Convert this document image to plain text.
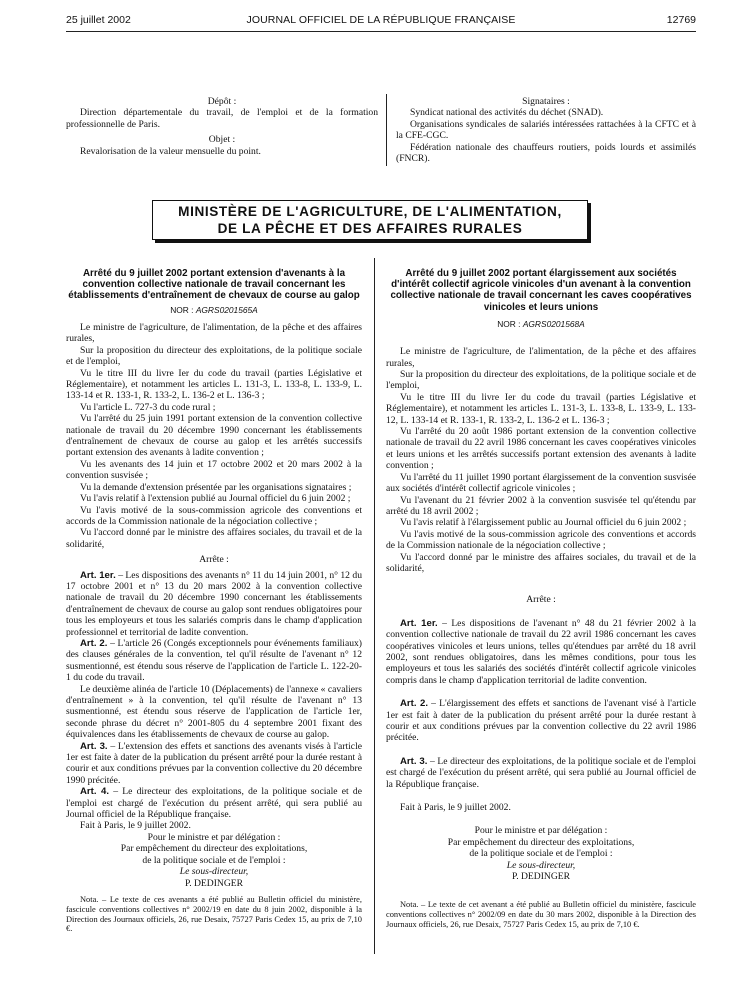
25 juillet 2002	JOURNAL OFFICIEL DE LA RÉPUBLIQUE FRANÇAISE	12769

Dépôt :

Direction départementale du travail, de l'emploi et de la formation professionnelle de Paris.

Objet :

Revalorisation de la valeur mensuelle du point.

Signataires :

Syndicat national des activités du déchet (SNAD).

Organisations syndicales de salariés intéressées rattachées à la CFTC et à la CFE-CGC.

Fédération nationale des chauffeurs routiers, poids lourds et assimilés (FNCR).

MINISTÈRE DE L'AGRICULTURE, DE L'ALIMENTATION,
DE LA PÊCHE ET DES AFFAIRES RURALES

Arrêté du 9 juillet 2002 portant extension d'avenants à la convention collective nationale de travail concernant les établissements d'entraînement de chevaux de course au galop

NOR : AGRS0201565A

Le ministre de l'agriculture, de l'alimentation, de la pêche et des affaires rurales,

Sur la proposition du directeur des exploitations, de la politique sociale et de l'emploi,

Vu le titre III du livre Ier du code du travail (parties Législative et Réglementaire), et notamment les articles L. 131-3, L. 133-8, L. 133-9, L. 133-14 et R. 133-1, R. 133-2, L. 136-2 et L. 136-3 ;

Vu l'article L. 727-3 du code rural ;

Vu l'arrêté du 25 juin 1991 portant extension de la convention collective nationale de travail du 20 décembre 1990 concernant les établissements d'entraînement de chevaux de course au galop et les arrêtés successifs portant extension des avenants à ladite convention ;

Vu les avenants des 14 juin et 17 octobre 2002 et 20 mars 2002 à la convention susvisée ;

Vu la demande d'extension présentée par les organisations signataires ;

Vu l'avis relatif à l'extension publié au Journal officiel du 6 juin 2002 ;

Vu l'avis motivé de la sous-commission agricole des conventions et accords de la Commission nationale de la négociation collective ;

Vu l'accord donné par le ministre des affaires sociales, du travail et de la solidarité,

Arrête :

Art. 1er. – Les dispositions des avenants n° 11 du 14 juin 2001, n° 12 du 17 octobre 2001 et n° 13 du 20 mars 2002 à la convention collective nationale de travail du 20 décembre 1990 concernant les établissements d'entraînement de chevaux de course au galop sont rendues obligatoires pour tous les employeurs et tous les salariés compris dans le champ d'application professionnel et territorial de ladite convention.

Art. 2. – L'article 26 (Congés exceptionnels pour événements familiaux) des clauses générales de la convention, tel qu'il résulte de l'avenant n° 12 susmentionné, est étendu sous réserve de l'application de l'article L. 122-20-1 du code du travail.

Le deuxième alinéa de l'article 10 (Déplacements) de l'annexe « cavaliers d'entraînement » à la convention, tel qu'il résulte de l'avenant n° 13 susmentionné, est étendu sous réserve de l'application de l'article 1er, seconde phrase du décret n° 2001-805 du 4 septembre 2001 fixant des équivalences dans les établissements de chevaux de course au galop.

Art. 3. – L'extension des effets et sanctions des avenants visés à l'article 1er est faite à dater de la publication du présent arrêté pour la durée restant à courir et aux conditions prévues par la convention collective du 20 décembre 1990 précitée.

Art. 4. – Le directeur des exploitations, de la politique sociale et de l'emploi est chargé de l'exécution du présent arrêté, qui sera publié au Journal officiel de la République française.

Fait à Paris, le 9 juillet 2002.

Pour le ministre et par délégation :

Par empêchement du directeur des exploitations,

de la politique sociale et de l'emploi :

Le sous-directeur,

P. DEDINGER

Nota. – Le texte de ces avenants a été publié au Bulletin officiel du ministère, fascicule conventions collectives n° 2002/19 en date du 8 juin 2002, disponible à la Direction des Journaux officiels, 26, rue Desaix, 75727 Paris Cedex 15, au prix de 7,10 €.

Arrêté du 9 juillet 2002 portant élargissement aux sociétés d'intérêt collectif agricole vinicoles d'un avenant à la convention collective nationale de travail concernant les caves coopératives vinicoles et leurs unions

NOR : AGRS0201568A

Le ministre de l'agriculture, de l'alimentation, de la pêche et des affaires rurales,

Sur la proposition du directeur des exploitations, de la politique sociale et de l'emploi,

Vu le titre III du livre Ier du code du travail (parties Législative et Réglementaire), et notamment les articles L. 131-3, L. 133-8, L. 133-9, L. 133-12, L. 133-14 et R. 133-1, R. 133-2, L. 136-2 et L. 136-3 ;

Vu l'arrêté du 20 août 1986 portant extension de la convention collective nationale de travail du 22 avril 1986 concernant les caves coopératives vinicoles et leurs unions et les arrêtés successifs portant extension des avenants à ladite convention ;

Vu l'arrêté du 11 juillet 1990 portant élargissement de la convention susvisée aux sociétés d'intérêt collectif agricole vinicoles ;

Vu l'avenant du 21 février 2002 à la convention susvisée tel qu'étendu par arrêté du 18 avril 2002 ;

Vu l'avis relatif à l'élargissement public au Journal officiel du 6 juin 2002 ;

Vu l'avis motivé de la sous-commission agricole des conventions et accords de la Commission nationale de la négociation collective ;

Vu l'accord donné par le ministre des affaires sociales, du travail et de la solidarité,

Arrête :

Art. 1er. – Les dispositions de l'avenant n° 48 du 21 février 2002 à la convention collective nationale de travail du 22 avril 1986 concernant les caves coopératives vinicoles et leurs unions, telles qu'étendues par arrêté du 18 avril 2002, sont rendues obligatoires, dans les mêmes conditions, pour tous les employeurs et tous les salariés des sociétés d'intérêt collectif agricole vinicoles compris dans le champ d'application territorial de ladite convention.

Art. 2. – L'élargissement des effets et sanctions de l'avenant visé à l'article 1er est fait à dater de la publication du présent arrêté pour la durée restant à courir et aux conditions prévues par la convention collective du 22 avril 1986 précitée.

Art. 3. – Le directeur des exploitations, de la politique sociale et de l'emploi est chargé de l'exécution du présent arrêté, qui sera publié au Journal officiel de la République française.

Fait à Paris, le 9 juillet 2002.

Pour le ministre et par délégation :

Par empêchement du directeur des exploitations,

de la politique sociale et de l'emploi :

Le sous-directeur,

P. DEDINGER

Nota. – Le texte de cet avenant a été publié au Bulletin officiel du ministère, fascicule conventions collectives n° 2002/09 en date du 30 mars 2002, disponible à la Direction des Journaux officiels, 26, rue Desaix, 75727 Paris Cedex 15, au prix de 7,10 €.
